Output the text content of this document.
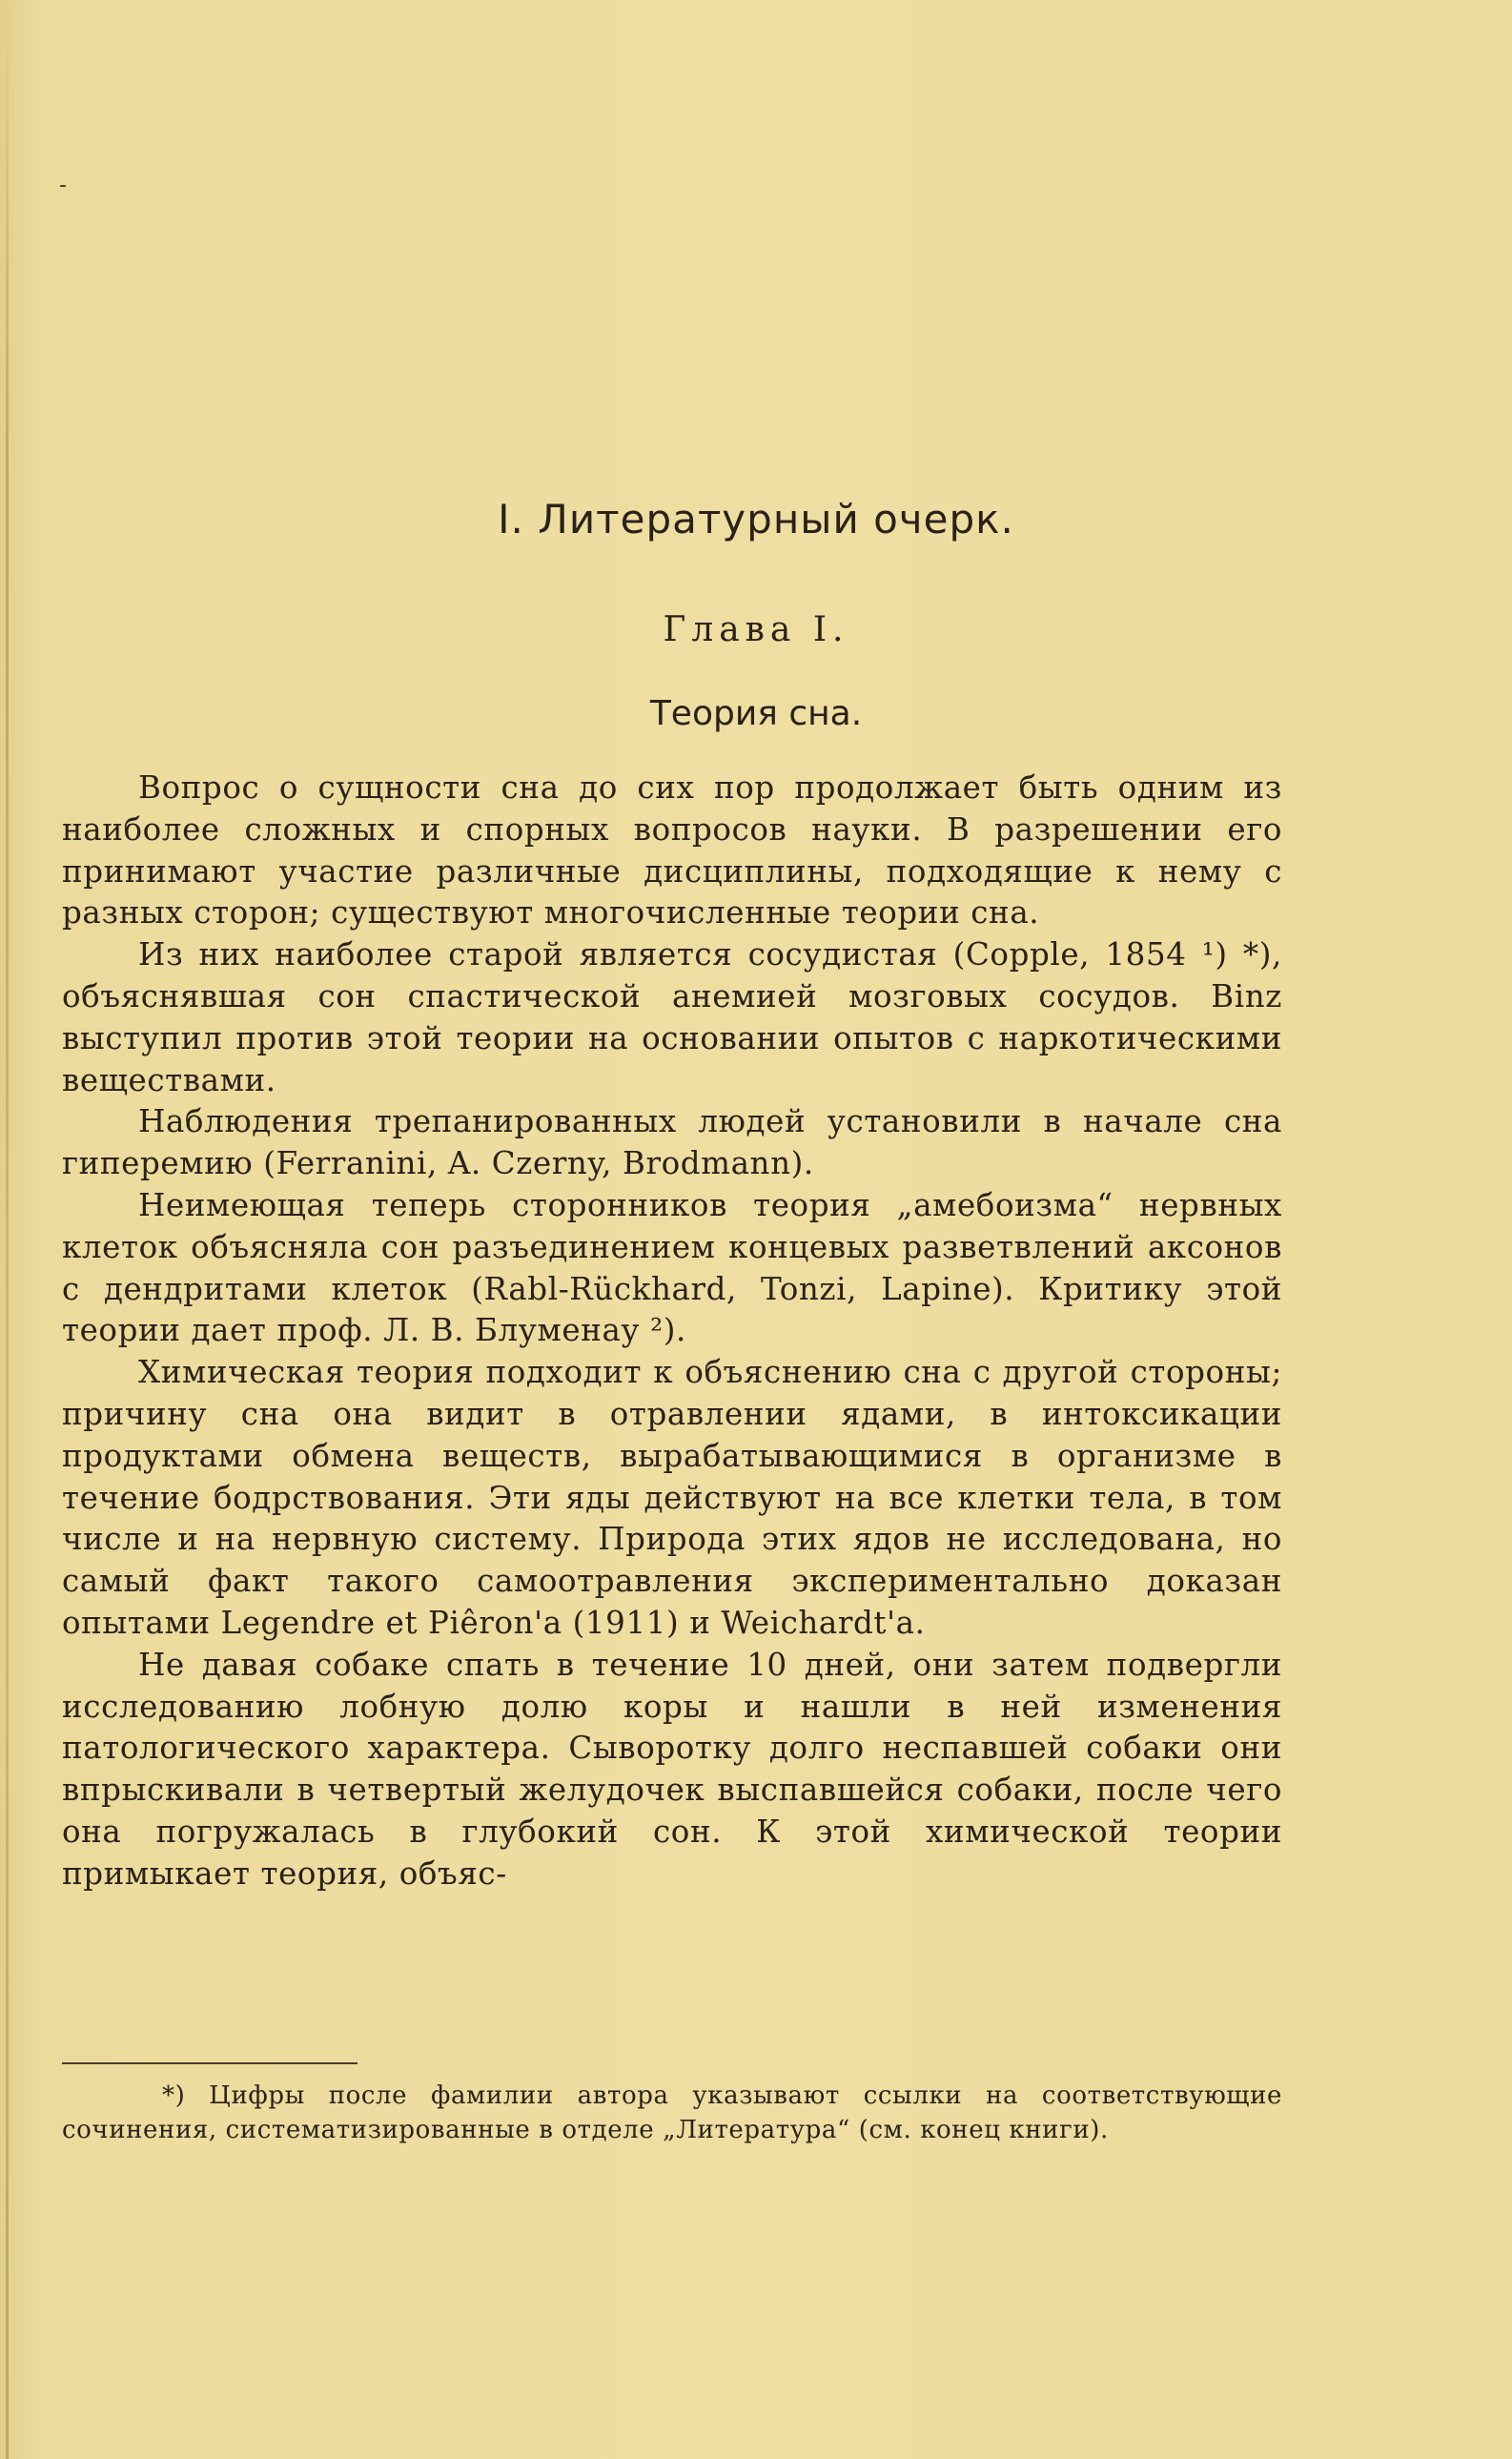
-
I. Литературный очерк.
Глава I.
Теория сна.

Вопрос о сущности сна до сих пор продолжает быть одним из наиболее сложных и спорных вопросов науки. В разрешении его принимают участие различные дисциплины, подходящие к нему с разных сторон; существуют многочисленные теории сна.

Из них наиболее старой является сосудистая (Copple, 1854 ¹) *), объяснявшая сон спастической анемией мозговых сосудов. Binz выступил против этой теории на основании опытов с наркотическими веществами.

Наблюдения трепанированных людей установили в начале сна гиперемию (Ferranini, A. Czerny, Brodmann).

Неимеющая теперь сторонников теория „амебоизма“ нервных клеток объясняла сон разъединением концевых разветвлений аксонов с дендритами клеток (Rabl-Rückhard, Tonzi, Lapine). Критику этой теории дает проф. Л. В. Блуменау ²).

Химическая теория подходит к объяснению сна с другой стороны; причину сна она видит в отравлении ядами, в интоксикации продуктами обмена веществ, вырабатывающимися в организме в течение бодрствования. Эти яды действуют на все клетки тела, в том числе и на нервную систему. Природа этих ядов не исследована, но самый факт такого самоотравления экспериментально доказан опытами Legendre et Piêron'a (1911) и Weichardt'a.

Не давая собаке спать в течение 10 дней, они затем подвергли исследованию лобную долю коры и нашли в ней изменения патологического характера. Сыворотку долго неспавшей собаки они впрыскивали в четвертый желудочек выспавшейся собаки, после чего она погружалась в глубокий сон. К этой химической теории примыкает теория, объяс-

*) Цифры после фамилии автора указывают ссылки на соответствующие сочинения, систематизированные в отделе „Литература“ (см. конец книги).
